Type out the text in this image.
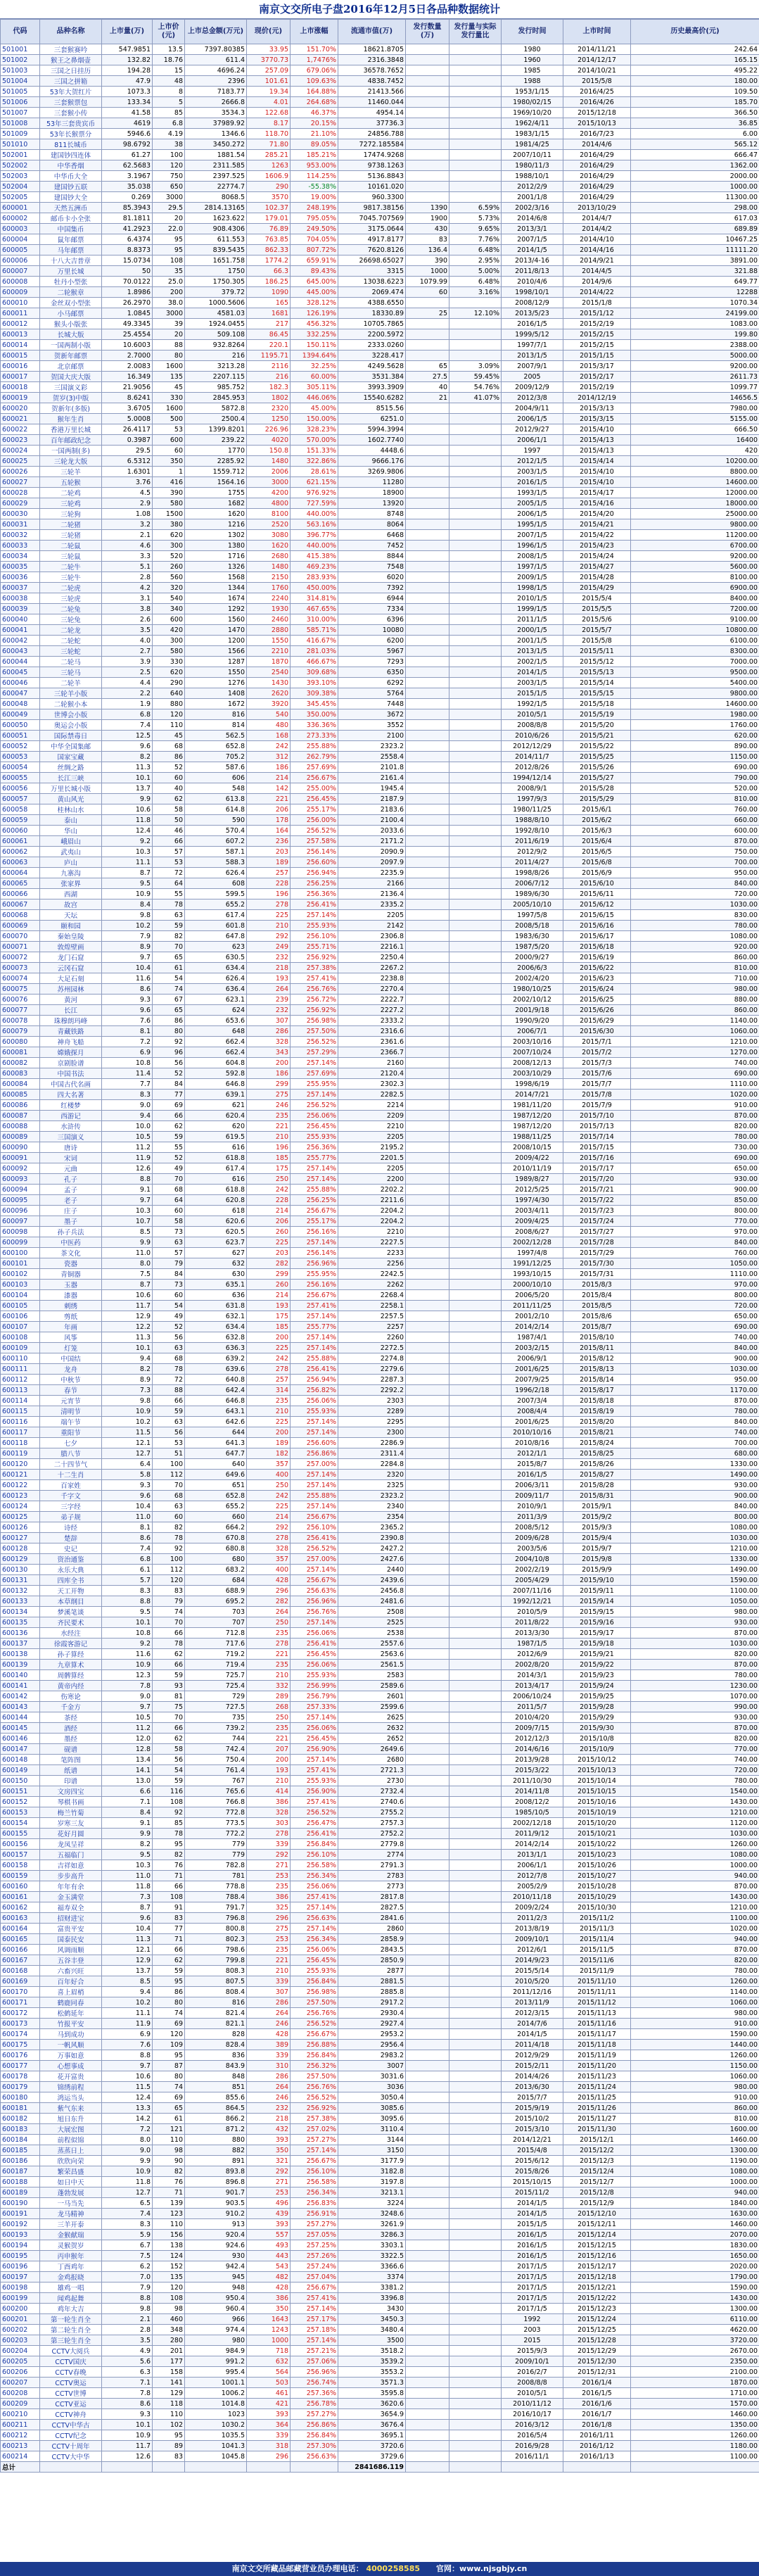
南京文交所电子盘2016年12月5日各品种数据统计
代码	品种名称	上市量(万)	上市价(元)	上市总金额(万元)	现价(元)	上市涨幅	流通市值(万)	发行数量(万)	发行量与实际发行量比	发行时间	上市时间	历史最高价(元)
501001	三套猴赛吟	547.9851	13.5	7397.80385	33.95	151.70%	18621.8705			1980	2014/11/21	242.64
501002	猴王之鼻烟壶	132.82	18.76	611.4	3770.73	1,7476%	2316.3848			1960	2014/12/17	165.15
501003	三国之日挂历	194.28	15	4696.24	257.09	679.06%	36578.7652			1985	2014/10/21	495.22
501004	三国之拼箱	47.9	48	2396	101.61	109.63%	4838.7452			1988	2015/5/8	180.00
501005	53年大贺红片	1073.3	8	7183.77	19.34	164.88%	21413.566			1953/1/15	2016/4/25	109.50
501006	三套猴票包	133.34	5	2666.8	4.01	264.68%	11460.044			1980/02/15	2016/4/26	185.70
501007	三套猴小传	41.58	85	3534.3	122.68	46.37%	4954.14			1969/10/20	2015/12/18	366.50
501008	53年三套贵宾币	4619	6.8	37989.92	8.17	20.15%	37736.3			1962/4/11	2015/10/13	36.85
501009	53年长猴票分	5946.6	4.19	1346.6	118.70	21.10%	24856.788			1983/1/15	2016/7/23	6.00
501010	811长城币	98.6792	38	3450.272	71.80	89.05%	7272.185584			1981/4/25	2014/4/6	565.12
502001	建国钞四连体	61.27	100	1881.54	285.21	185.21%	17474.9268			2007/10/11	2016/4/29	666.47
502002	中华香烟	62.5683	120	2311.585	1263	953.00%	9738.1263			1980/11/3	2016/4/29	1362.00
502003	中华币大全	3.1967	750	2397.525	1606.9	114.25%	5136.8843			1988/10/1	2016/4/29	2000.00
502004	建国钞五联	35.038	650	22774.7	290	-55.38%	10161.020			2012/2/9	2016/4/29	1000.00
502005	建国钞大全	0.269	3000	8068.5	3570	19.00%	960.3300			2001/1/8	2016/4/29	11300.00
600001	天然五洲币	85.3943	29.5	2814.13165	102.37	248.19%	9817.38156	1390	6.59%	2002/3/16	2013/10/29	298.00
600002	邮币卡小全张	81.1811	20	1623.622	179.01	795.05%	7045.707569	1900	5.73%	2014/6/8	2014/4/7	617.03
600003	中国集币	41.2923	22.0	908.4306	76.89	249.50%	3175.0644	430	9.65%	2013/3/1	2014/4/2	689.89
600004	鼠年邮票	6.4374	95	611.553	763.85	704.05%	4917.8177	83	7.76%	2007/1/5	2014/4/10	10467.25
600005	马年邮票	8.8373	95	839.5435	862.33	807.72%	7620.8126	136.4	6.48%	2014/1/5	2014/4/16	11111.20
600006	十八大吉普章	15.0734	108	1651.758	1774.2	659.91%	26698.65027	390	2.95%	2013/4-16	2014/9/21	3891.00
600007	万里长城	50	35	1750	66.3	89.43%	3315	1000	5.00%	2011/8/13	2014/4/5	321.88
600008	牡丹小型张	70.0122	25.0	1750.305	186.25	645.00%	13038.6223	1079.99	6.48%	2010/4/6	2014/9/6	649.77
600009	二轮猴章	1.8986	200	379.72	1090	445.00%	2069.474	60	3.16%	1998/10/1	2014/4/22	12288
600010	金丝双小型张	26.2970	38.0	1000.5606	165	328.12%	4388.6550			2008/12/9	2015/1/8	1070.34
600011	小马邮票	1.0845	3000	4581.03	1681	126.19%	18330.89	25	12.10%	2013/5/23	2015/1/12	24199.00
600012	猴头小版张	49.3345	39	1924.0455	217	456.32%	10705.7865			2016/1/5	2015/2/19	1083.00
600013	长城大版	25.4554	20	509.108	86.45	332.25%	2200.5972			1999/5/12	2015/2/15	199.80
600014	一国两制小版	10.6003	88	932.8264	220.1	150.11%	2333.0260			1997/7/1	2015/2/15	2388.00
600015	贺新年邮票	2.7000	80	216	1195.71	1394.64%	3228.417			2013/1/5	2015/1/15	5000.00
600016	北京邮票	2.0083	1600	3213.28	2116	32.25%	4249.5628	65	3.09%	2007/9/1	2015/3/17	9200.00
600017	贺国大庆大版	16.349	135	2207.115	216	60.00%	3531.384	27.5	59.45%	2005	2015/2/17	2611.73
600018	三国演义彩	21.9056	45	985.752	182.3	305.11%	3993.3909	40	54.76%	2009/12/9	2015/2/19	1099.77
600019	贺岁(3)中版	8.6241	330	2845.953	1802	446.06%	15540.6282	21	41.07%	2012/3/8	2014/12/19	14656.5
600020	贺新年(多版)	3.6705	1600	5872.8	2320	45.00%	8515.56			2004/9/11	2015/3/13	7980.00
600021	猴年生肖	5.0008	500	2500.4	1250	150.00%	6251.0			2006/1/5	2015/3/15	5155.00
600022	香港万里长城	26.4117	53	1399.8201	226.96	328.23%	5994.3994			2012/9/27	2015/4/10	666.50
600023	百年邮政纪念	0.3987	600	239.22	4020	570.00%	1602.7740			2006/1/1	2015/4/13	16400
600024	一国两制(多)	29.5	60	1770	150.8	151.33%	4448.6			1997	2015/4/13	420
600025	三轮龙大版	6.5312	350	2285.92	1480	322.86%	9666.176			2012/1/5	2015/4/14	10200.00
600026	三轮羊	1.6301	1	1559.712	2006	28.61%	3269.9806			2003/1/5	2015/4/10	8800.00
600027	五轮猴	3.76	416	1564.16	3000	621.15%	11280			2016/1/5	2015/4/10	14600.00
600028	二轮鸡	4.5	390	1755	4200	976.92%	18900			1993/1/5	2015/4/17	12000.00
600029	三轮鸡	2.9	580	1682	4800	727.59%	13920			2005/1/5	2015/4/16	18000.00
600030	三轮狗	1.08	1500	1620	8100	440.00%	8748			2006/1/5	2015/4/20	25000.00
600031	二轮猪	3.2	380	1216	2520	563.16%	8064			1995/1/5	2015/4/21	9800.00
600032	三轮猪	2.1	620	1302	3080	396.77%	6468			2007/1/5	2015/4/22	11200.00
600033	二轮鼠	4.6	300	1380	1620	440.00%	7452			1996/1/5	2015/4/23	6700.00
600034	三轮鼠	3.3	520	1716	2680	415.38%	8844			2008/1/5	2015/4/24	9200.00
600035	二轮牛	5.1	260	1326	1480	469.23%	7548			1997/1/5	2015/4/27	5600.00
600036	三轮牛	2.8	560	1568	2150	283.93%	6020			2009/1/5	2015/4/28	8100.00
600037	二轮虎	4.2	320	1344	1760	450.00%	7392			1998/1/5	2015/4/29	6900.00
600038	三轮虎	3.1	540	1674	2240	314.81%	6944			2010/1/5	2015/5/4	8400.00
600039	二轮兔	3.8	340	1292	1930	467.65%	7334			1999/1/5	2015/5/5	7200.00
600040	三轮兔	2.6	600	1560	2460	310.00%	6396			2011/1/5	2015/5/6	9100.00
600041	二轮龙	3.5	420	1470	2880	585.71%	10080			2000/1/5	2015/5/7	10800.00
600042	二轮蛇	4.0	300	1200	1550	416.67%	6200			2001/1/5	2015/5/8	6100.00
600043	三轮蛇	2.7	580	1566	2210	281.03%	5967			2013/1/5	2015/5/11	8300.00
600044	二轮马	3.9	330	1287	1870	466.67%	7293			2002/1/5	2015/5/12	7000.00
600045	三轮马	2.5	620	1550	2540	309.68%	6350			2014/1/5	2015/5/13	9500.00
600046	二轮羊	4.4	290	1276	1430	393.10%	6292			2003/1/5	2015/5/14	5400.00
600047	三轮羊小版	2.2	640	1408	2620	309.38%	5764			2015/1/5	2015/5/15	9800.00
600048	二轮猴小本	1.9	880	1672	3920	345.45%	7448			1992/1/5	2015/5/18	14600.00
600049	世博会小版	6.8	120	816	540	350.00%	3672			2010/5/1	2015/5/19	1980.00
600050	奥运会小版	7.4	110	814	480	336.36%	3552			2008/8/8	2015/5/20	1760.00
600051	国际禁毒日	12.5	45	562.5	168	273.33%	2100			2010/6/26	2015/5/21	620.00
600052	中华全国集邮	9.6	68	652.8	242	255.88%	2323.2			2012/12/29	2015/5/22	890.00
600053	国家宝藏	8.2	86	705.2	312	262.79%	2558.4			2014/11/7	2015/5/25	1150.00
600054	丝绸之路	11.3	52	587.6	186	257.69%	2101.8			2012/8/26	2015/5/26	690.00
600055	长江三峡	10.1	60	606	214	256.67%	2161.4			1994/12/14	2015/5/27	790.00
600056	万里长城小版	13.7	40	548	142	255.00%	1945.4			2008/9/1	2015/5/28	520.00
600057	黄山风光	9.9	62	613.8	221	256.45%	2187.9			1997/9/3	2015/5/29	810.00
600058	桂林山水	10.6	58	614.8	206	255.17%	2183.6			1980/11/25	2015/6/1	760.00
600059	泰山	11.8	50	590	178	256.00%	2100.4			1988/8/10	2015/6/2	660.00
600060	华山	12.4	46	570.4	164	256.52%	2033.6			1992/8/10	2015/6/3	600.00
600061	峨眉山	9.2	66	607.2	236	257.58%	2171.2			2011/6/19	2015/6/4	870.00
600062	武夷山	10.3	57	587.1	203	256.14%	2090.9			2012/9/2	2015/6/5	750.00
600063	庐山	11.1	53	588.3	189	256.60%	2097.9			2011/4/27	2015/6/8	700.00
600064	九寨沟	8.7	72	626.4	257	256.94%	2235.9			1998/8/26	2015/6/9	950.00
600065	张家界	9.5	64	608	228	256.25%	2166			2006/7/12	2015/6/10	840.00
600066	西湖	10.9	55	599.5	196	256.36%	2136.4			1989/6/30	2015/6/11	720.00
600067	故宫	8.4	78	655.2	278	256.41%	2335.2			2005/10/10	2015/6/12	1030.00
600068	天坛	9.8	63	617.4	225	257.14%	2205			1997/5/8	2015/6/15	830.00
600069	颐和园	10.2	59	601.8	210	255.93%	2142			2008/5/18	2015/6/16	780.00
600070	秦始皇陵	7.9	82	647.8	292	256.10%	2306.8			1983/6/30	2015/6/17	1080.00
600071	敦煌壁画	8.9	70	623	249	255.71%	2216.1			1987/5/20	2015/6/18	920.00
600072	龙门石窟	9.7	65	630.5	232	256.92%	2250.4			2000/9/27	2015/6/19	860.00
600073	云冈石窟	10.4	61	634.4	218	257.38%	2267.2			2006/6/3	2015/6/22	810.00
600074	大足石刻	11.6	54	626.4	193	257.41%	2238.8			2002/4/20	2015/6/23	710.00
600075	苏州园林	8.6	74	636.4	264	256.76%	2270.4			1980/10/25	2015/6/24	980.00
600076	黄河	9.3	67	623.1	239	256.72%	2222.7			2002/10/12	2015/6/25	880.00
600077	长江	9.6	65	624	232	256.92%	2227.2			2001/9/18	2015/6/26	860.00
600078	珠穆朗玛峰	7.6	86	653.6	307	256.98%	2333.2			1990/9/20	2015/6/29	1140.00
600079	青藏铁路	8.1	80	648	286	257.50%	2316.6			2006/7/1	2015/6/30	1060.00
600080	神舟飞船	7.2	92	662.4	328	256.52%	2361.6			2003/10/16	2015/7/1	1210.00
600081	嫦娥探月	6.9	96	662.4	343	257.29%	2366.7			2007/10/24	2015/7/2	1270.00
600082	京剧脸谱	10.8	56	604.8	200	257.14%	2160			2008/12/13	2015/7/3	740.00
600083	中国书法	11.4	52	592.8	186	257.69%	2120.4			2003/10/29	2015/7/6	690.00
600084	中国古代名画	7.7	84	646.8	299	255.95%	2302.3			1998/6/19	2015/7/7	1110.00
600085	四大名著	8.3	77	639.1	275	257.14%	2282.5			2014/7/21	2015/7/8	1020.00
600086	红楼梦	9.0	69	621	246	256.52%	2214			1981/11/20	2015/7/9	910.00
600087	西游记	9.4	66	620.4	235	256.06%	2209			1987/12/20	2015/7/10	870.00
600088	水浒传	10.0	62	620	221	256.45%	2210			1987/12/20	2015/7/13	820.00
600089	三国演义	10.5	59	619.5	210	255.93%	2205			1988/11/25	2015/7/14	780.00
600090	唐诗	11.2	55	616	196	256.36%	2195.2			2008/10/15	2015/7/15	730.00
600091	宋词	11.9	52	618.8	185	255.77%	2201.5			2009/4/22	2015/7/16	690.00
600092	元曲	12.6	49	617.4	175	257.14%	2205			2010/11/19	2015/7/17	650.00
600093	孔子	8.8	70	616	250	257.14%	2200			1989/8/27	2015/7/20	930.00
600094	孟子	9.1	68	618.8	242	255.88%	2202.2			2012/5/25	2015/7/21	900.00
600095	老子	9.7	64	620.8	228	256.25%	2211.6			1997/4/30	2015/7/22	850.00
600096	庄子	10.3	60	618	214	256.67%	2204.2			2003/4/11	2015/7/23	800.00
600097	墨子	10.7	58	620.6	206	255.17%	2204.2			2009/4/25	2015/7/24	770.00
600098	孙子兵法	8.5	73	620.5	260	256.16%	2210			2008/6/27	2015/7/27	970.00
600099	中医药	9.9	63	623.7	225	257.14%	2227.5			2002/12/28	2015/7/28	840.00
600100	茶文化	11.0	57	627	203	256.14%	2233			1997/4/8	2015/7/29	760.00
600101	瓷器	8.0	79	632	282	256.96%	2256			1991/12/25	2015/7/30	1050.00
600102	青铜器	7.5	84	630	299	255.95%	2242.5			1993/10/15	2015/7/31	1110.00
600103	玉器	8.7	73	635.1	260	256.16%	2262			2000/10/10	2015/8/3	970.00
600104	漆器	10.6	60	636	214	256.67%	2268.4			2006/5/20	2015/8/4	800.00
600105	刺绣	11.7	54	631.8	193	257.41%	2258.1			2011/11/25	2015/8/5	720.00
600106	剪纸	12.9	49	632.1	175	257.14%	2257.5			2001/2/10	2015/8/6	650.00
600107	年画	12.2	52	634.4	185	255.77%	2257			2014/2/14	2015/8/7	690.00
600108	风筝	11.3	56	632.8	200	257.14%	2260			1987/4/1	2015/8/10	740.00
600109	灯笼	10.1	63	636.3	225	257.14%	2272.5			2003/2/15	2015/8/11	840.00
600110	中国结	9.4	68	639.2	242	255.88%	2274.8			2006/9/1	2015/8/12	900.00
600111	龙舟	8.2	78	639.6	278	256.41%	2279.6			2001/6/25	2015/8/13	1030.00
600112	中秋节	8.9	72	640.8	257	256.94%	2287.3			2007/9/25	2015/8/14	950.00
600113	春节	7.3	88	642.4	314	256.82%	2292.2			1996/2/18	2015/8/17	1170.00
600114	元宵节	9.8	66	646.8	235	256.06%	2303			2007/3/4	2015/8/18	870.00
600115	清明节	10.9	59	643.1	210	255.93%	2289			2008/4/4	2015/8/19	780.00
600116	端午节	10.2	63	642.6	225	257.14%	2295			2001/6/25	2015/8/20	840.00
600117	重阳节	11.5	56	644	200	257.14%	2300			2010/10/16	2015/8/21	740.00
600118	七夕	12.1	53	641.3	189	256.60%	2286.9			2010/8/16	2015/8/24	700.00
600119	腊八节	12.7	51	647.7	182	256.86%	2311.4			2012/1/1	2015/8/25	680.00
600120	二十四节气	6.4	100	640	357	257.00%	2284.8			2015/8/7	2015/8/26	1330.00
600121	十二生肖	5.8	112	649.6	400	257.14%	2320			2016/1/5	2015/8/27	1490.00
600122	百家姓	9.3	70	651	250	257.14%	2325			2006/3/11	2015/8/28	930.00
600123	千字文	9.6	68	652.8	242	255.88%	2323.2			2009/11/7	2015/8/31	900.00
600124	三字经	10.4	63	655.2	225	257.14%	2340			2010/9/1	2015/9/1	840.00
600125	弟子规	11.0	60	660	214	256.67%	2354			2011/3/9	2015/9/2	800.00
600126	诗经	8.1	82	664.2	292	256.10%	2365.2			2008/5/12	2015/9/3	1080.00
600127	楚辞	8.6	78	670.8	278	256.41%	2390.8			2009/6/28	2015/9/4	1030.00
600128	史记	7.4	92	680.8	328	256.52%	2427.2			2003/5/6	2015/9/7	1210.00
600129	资治通鉴	6.8	100	680	357	257.00%	2427.6			2004/10/8	2015/9/8	1330.00
600130	永乐大典	6.1	112	683.2	400	257.14%	2440			2002/2/19	2015/9/9	1490.00
600131	四库全书	5.7	120	684	428	256.67%	2439.6			2005/4/29	2015/9/10	1590.00
600132	天工开物	8.3	83	688.9	296	256.63%	2456.8			2007/11/16	2015/9/11	1100.00
600133	本草纲目	8.8	79	695.2	282	256.96%	2481.6			1992/12/21	2015/9/14	1050.00
600134	梦溪笔谈	9.5	74	703	264	256.76%	2508			2010/5/9	2015/9/15	980.00
600135	齐民要术	10.1	70	707	250	257.14%	2525			2011/8/22	2015/9/16	930.00
600136	水经注	10.8	66	712.8	235	256.06%	2538			2013/3/30	2015/9/17	870.00
600137	徐霞客游记	9.2	78	717.6	278	256.41%	2557.6			1987/1/5	2015/9/18	1030.00
600138	孙子算经	11.6	62	719.2	221	256.45%	2563.6			2012/6/9	2015/9/21	820.00
600139	九章算术	10.9	66	719.4	235	256.06%	2561.5			2002/8/20	2015/9/22	870.00
600140	周髀算经	12.3	59	725.7	210	255.93%	2583			2014/3/1	2015/9/23	780.00
600141	黄帝内经	7.8	93	725.4	332	256.99%	2589.6			2013/4/17	2015/9/24	1230.00
600142	伤寒论	9.0	81	729	289	256.79%	2601			2006/10/24	2015/9/25	1070.00
600143	千金方	9.7	75	727.5	268	257.33%	2599.6			2011/5/7	2015/9/28	990.00
600144	茶经	10.5	70	735	250	257.14%	2625			2010/4/20	2015/9/29	930.00
600145	酒经	11.2	66	739.2	235	256.06%	2632			2009/7/15	2015/9/30	870.00
600146	墨经	12.0	62	744	221	256.45%	2652			2012/12/3	2015/10/8	820.00
600147	砚谱	12.8	58	742.4	207	256.90%	2649.6			2014/6/16	2015/10/9	770.00
600148	笔阵图	13.4	56	750.4	200	257.14%	2680			2013/9/28	2015/10/12	740.00
600149	纸谱	14.1	54	761.4	193	257.41%	2721.3			2015/3/22	2015/10/13	720.00
600150	印谱	13.0	59	767	210	255.93%	2730			2011/10/30	2015/10/14	780.00
600151	文房四宝	6.6	116	765.6	414	256.90%	2732.4			2014/11/8	2015/10/15	1540.00
600152	琴棋书画	7.1	108	766.8	386	257.41%	2740.6			2008/12/2	2015/10/16	1430.00
600153	梅兰竹菊	8.4	92	772.8	328	256.52%	2755.2			1985/10/5	2015/10/19	1210.00
600154	岁寒三友	9.1	85	773.5	303	256.47%	2757.3			2002/12/18	2015/10/20	1120.00
600155	花好月圆	9.9	78	772.2	278	256.41%	2752.2			2011/9/12	2015/10/21	1030.00
600156	龙凤呈祥	8.2	95	779	339	256.84%	2779.8			2014/2/14	2015/10/22	1260.00
600157	五福临门	9.5	82	779	292	256.10%	2774			2013/1/1	2015/10/23	1080.00
600158	吉祥如意	10.3	76	782.8	271	256.58%	2791.3			2006/1/1	2015/10/26	1000.00
600159	步步高升	11.0	71	781	253	256.34%	2783			2012/7/8	2015/10/27	940.00
600160	年年有余	11.8	66	778.8	235	256.06%	2773			2005/2/9	2015/10/28	870.00
600161	金玉满堂	7.3	108	788.4	386	257.41%	2817.8			2010/11/18	2015/10/29	1430.00
600162	福寿双全	8.7	91	791.7	325	257.14%	2827.5			2009/2/24	2015/10/30	1210.00
600163	招财进宝	9.6	83	796.8	296	256.63%	2841.6			2011/2/3	2015/11/2	1100.00
600164	富贵平安	10.4	77	800.8	275	257.14%	2860			2013/8/19	2015/11/3	1020.00
600165	国泰民安	11.3	71	802.3	253	256.34%	2858.9			2009/10/1	2015/11/4	940.00
600166	风调雨顺	12.1	66	798.6	235	256.06%	2843.5			2012/6/1	2015/11/5	870.00
600167	五谷丰登	12.9	62	799.8	221	256.45%	2850.9			2014/9/23	2015/11/6	820.00
600168	六畜兴旺	13.7	59	808.3	210	255.93%	2877			2015/5/14	2015/11/9	780.00
600169	百年好合	8.5	95	807.5	339	256.84%	2881.5			2010/5/20	2015/11/10	1260.00
600170	喜上眉梢	9.4	86	808.4	307	256.98%	2885.8			2011/12/16	2015/11/11	1140.00
600171	鹤鹿同春	10.2	80	816	286	257.50%	2917.2			2013/11/9	2015/11/12	1060.00
600172	松鹤延年	11.1	74	821.4	264	256.76%	2930.4			2012/3/15	2015/11/13	980.00
600173	竹报平安	11.9	69	821.1	246	256.52%	2927.4			2014/7/6	2015/11/16	910.00
600174	马到成功	6.9	120	828	428	256.67%	2953.2			2014/1/5	2015/11/17	1590.00
600175	一帆风顺	7.6	109	828.4	389	256.88%	2956.4			2011/4/18	2015/11/18	1440.00
600176	万事如意	8.8	95	836	339	256.84%	2983.2			2012/9/29	2015/11/19	1260.00
600177	心想事成	9.7	87	843.9	310	256.32%	3007			2015/2/11	2015/11/20	1150.00
600178	花开富贵	10.6	80	848	286	257.50%	3031.6			2014/4/26	2015/11/23	1060.00
600179	锦绣前程	11.5	74	851	264	256.76%	3036			2013/6/30	2015/11/24	980.00
600180	鸿运当头	12.4	69	855.6	246	256.52%	3050.4			2015/7/7	2015/11/25	910.00
600181	紫气东来	13.3	65	864.5	232	256.92%	3085.6			2015/9/19	2015/11/26	860.00
600182	旭日东升	14.2	61	866.2	218	257.38%	3095.6			2015/10/2	2015/11/27	810.00
600183	大展宏图	7.2	121	871.2	432	257.02%	3110.4			2015/3/10	2015/11/30	1600.00
600184	前程似锦	8.0	110	880	393	257.27%	3144			2014/12/21	2015/12/1	1460.00
600185	蒸蒸日上	9.0	98	882	350	257.14%	3150			2015/4/8	2015/12/2	1300.00
600186	欣欣向荣	9.9	90	891	321	256.67%	3177.9			2015/6/12	2015/12/3	1190.00
600187	繁荣昌盛	10.9	82	893.8	292	256.10%	3182.8			2015/8/26	2015/12/4	1080.00
600188	如日中天	11.8	76	896.8	271	256.58%	3197.8			2015/10/15	2015/12/7	1000.00
600189	蓬勃发展	12.7	71	901.7	253	256.34%	3213.1			2015/11/2	2015/12/8	940.00
600190	一马当先	6.5	139	903.5	496	256.83%	3224			2014/1/5	2015/12/9	1840.00
600191	龙马精神	7.4	123	910.2	439	256.91%	3248.6			2014/1/5	2015/12/10	1630.00
600192	三羊开泰	8.3	110	913	393	257.27%	3261.9			2015/1/5	2015/12/11	1460.00
600193	金猴献瑞	5.9	156	920.4	557	257.05%	3286.3			2016/1/5	2015/12/14	2070.00
600194	灵猴贺岁	6.7	138	924.6	493	257.25%	3303.1			2016/1/5	2015/12/15	1830.00
600195	丙申猴年	7.5	124	930	443	257.26%	3322.5			2016/1/5	2015/12/16	1650.00
600196	丁酉鸡年	6.2	152	942.4	543	257.24%	3366.6			2017/1/5	2015/12/17	2020.00
600197	金鸡报晓	7.0	135	945	482	257.04%	3374			2017/1/5	2015/12/18	1790.00
600198	雄鸡一唱	7.9	120	948	428	256.67%	3381.2			2017/1/5	2015/12/21	1590.00
600199	闻鸡起舞	8.8	108	950.4	386	257.41%	3396.8			2017/1/5	2015/12/22	1430.00
600200	鸡年大吉	9.8	98	960.4	350	257.14%	3430			2017/1/5	2015/12/23	1300.00
600201	第一轮生肖全	2.1	460	966	1643	257.17%	3450.3			1992	2015/12/24	6110.00
600202	第二轮生肖全	2.8	348	974.4	1243	257.18%	3480.4			2003	2015/12/25	4620.00
600203	第三轮生肖全	3.5	280	980	1000	257.14%	3500			2015	2015/12/28	3720.00
600204	CCTV大阅兵	4.9	201	984.9	718	257.21%	3518.2			2015/9/3	2015/12/29	2670.00
600205	CCTV国庆	5.6	177	991.2	632	257.06%	3539.2			2009/10/1	2015/12/30	2350.00
600206	CCTV春晚	6.3	158	995.4	564	256.96%	3553.2			2016/2/7	2015/12/31	2100.00
600207	CCTV奥运	7.1	141	1001.1	503	256.74%	3571.3			2008/8/8	2016/1/4	1870.00
600208	CCTV世博	7.8	129	1006.2	461	257.36%	3595.8			2010/5/1	2016/1/5	1710.00
600209	CCTV亚运	8.6	118	1014.8	421	256.78%	3620.6			2010/11/12	2016/1/6	1570.00
600210	CCTV神舟	9.3	110	1023	393	257.27%	3654.9			2016/10/17	2016/1/7	1460.00
600211	CCTV中华古	10.1	102	1030.2	364	256.86%	3676.4			2016/3/12	2016/1/8	1350.00
600212	CCTV纪念	10.9	95	1035.5	339	256.84%	3695.1			2016/5/4	2016/1/11	1260.00
600213	CCTV十周年	11.7	89	1041.3	318	257.30%	3720.6			2016/9/28	2016/1/12	1180.00
600214	CCTV大中华	12.6	83	1045.8	296	256.63%	3729.6			2016/11/1	2016/1/13	1100.00
总计							2841686.119					
南京文交所藏品邮藏营业员办理电话： 4000258585 官网：www.njsgbjy.cn
